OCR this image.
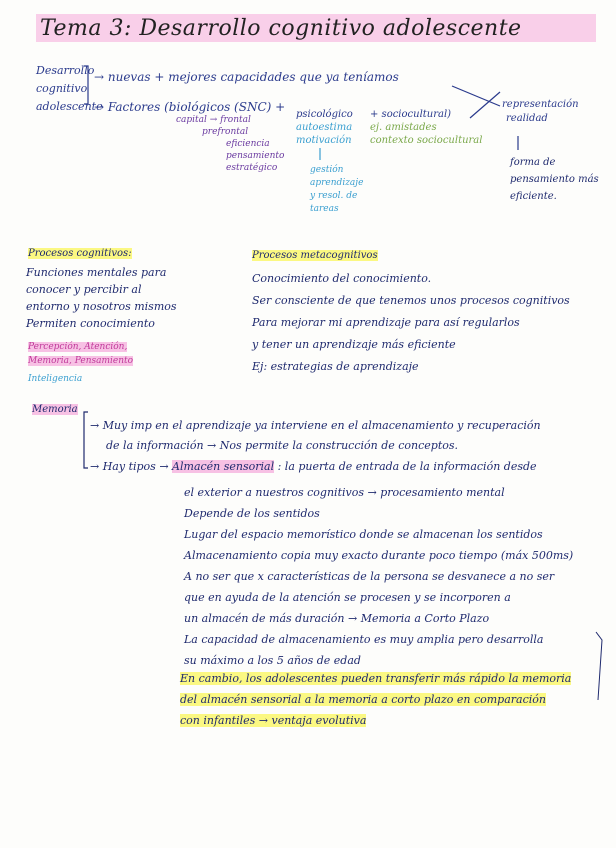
Tema 3: Desarrollo cognitivo adolescente
Desarrollo
cognitivo
adolescente
→ nuevas + mejores capacidades que ya teníamos
→ Factores (biológicos (SNC) +
capital → frontal
prefrontal
eficiencia
pensamiento
estratégico
psicológico
autoestima
motivación
gestión
aprendizaje
y resol. de
tareas
+ sociocultural)
ej. amistades
contexto sociocultural
representación
realidad
forma de
pensamiento más
eficiente.
Procesos cognitivos:
Funciones mentales para
conocer y percibir al
entorno y nosotros mismos
Permiten conocimiento
Percepción, Atención,
Memoria, Pensamiento
Inteligencia
Procesos metacognitivos
Conocimiento del conocimiento.
Ser consciente de que tenemos unos procesos cognitivos
Para mejorar mi aprendizaje para así regularlos
y tener un aprendizaje más eficiente
Ej: estrategias de aprendizaje
Memoria
→ Muy imp en el aprendizaje ya interviene en el almacenamiento y recuperación
de la información → Nos permite la construcción de conceptos.
→ Hay tipos → Almacén sensorial : la puerta de entrada de la información desde
el exterior a nuestros cognitivos → procesamiento mental
Depende de los sentidos
Lugar del espacio memorístico donde se almacenan los sentidos
Almacenamiento copia muy exacto durante poco tiempo (máx 500ms)
A no ser que x características de la persona se desvanece a no ser
que en ayuda de la atención se procesen y se incorporen a
un almacén de más duración → Memoria a Corto Plazo
La capacidad de almacenamiento es muy amplia pero desarrolla
su máximo a los 5 años de edad
En cambio, los adolescentes pueden transferir más rápido la memoria
del almacén sensorial a la memoria a corto plazo en comparación
con infantiles → ventaja evolutiva
